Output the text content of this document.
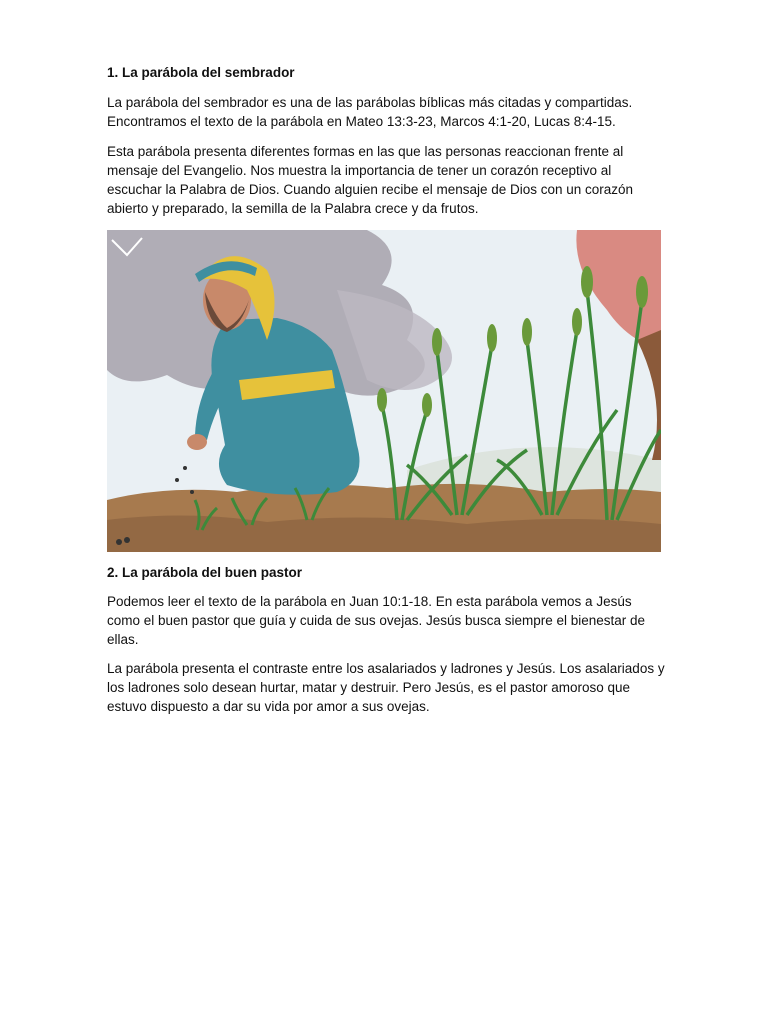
1. La parábola del sembrador

La parábola del sembrador es una de las parábolas bíblicas más citadas y compartidas. Encontramos el texto de la parábola en Mateo 13:3-23, Marcos 4:1-20, Lucas 8:4-15.

Esta parábola presenta diferentes formas en las que las personas reaccionan frente al mensaje del Evangelio. Nos muestra la importancia de tener un corazón receptivo al escuchar la Palabra de Dios. Cuando alguien recibe el mensaje de Dios con un corazón abierto y preparado, la semilla de la Palabra crece y da frutos.

2. La parábola del buen pastor

Podemos leer el texto de la parábola en Juan 10:1-18. En esta parábola vemos a Jesús como el buen pastor que guía y cuida de sus ovejas. Jesús busca siempre el bienestar de ellas.

La parábola presenta el contraste entre los asalariados y ladrones y Jesús. Los asalariados y los ladrones solo desean hurtar, matar y destruir. Pero Jesús, es el pastor amoroso que estuvo dispuesto a dar su vida por amor a sus ovejas.
